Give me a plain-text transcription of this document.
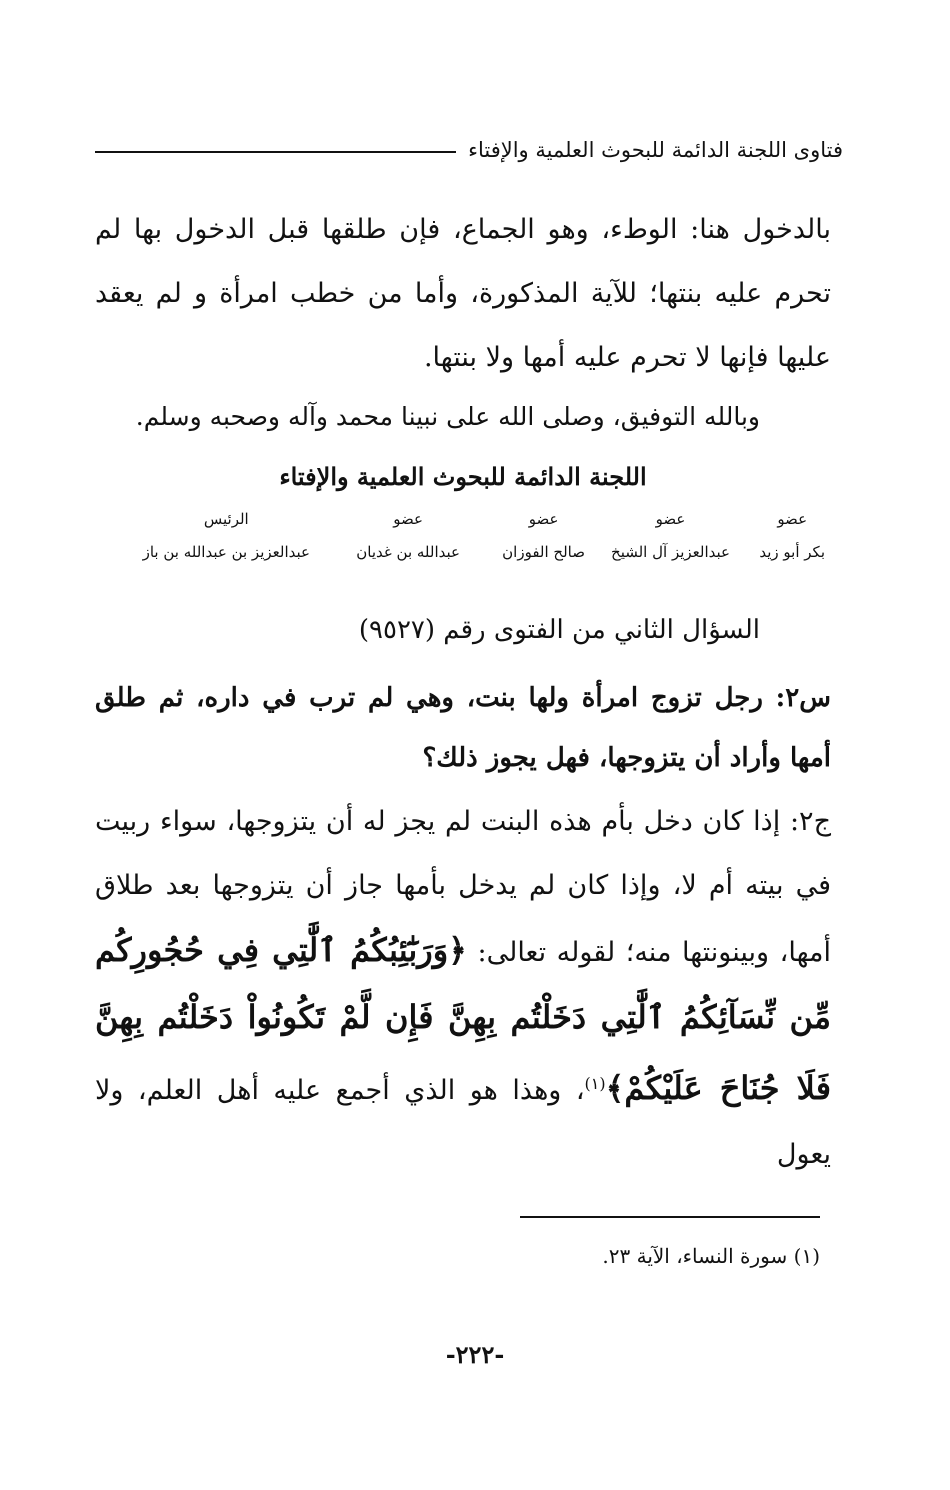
فتاوى اللجنة الدائمة للبحوث العلمية والإفتاء

بالدخول هنا: الوطء، وهو الجماع، فإن طلقها قبل الدخول بها لم تحرم عليه بنتها؛ للآية المذكورة، وأما من خطب امرأة و لم يعقد عليها فإنها لا تحرم عليه أمها ولا بنتها.

وبالله التوفيق، وصلى الله على نبينا محمد وآله وصحبه وسلم.

اللجنة الدائمة للبحوث العلمية والإفتاء
عضو
بكر أبو زيد
عضو
عبدالعزيز آل الشيخ
عضو
صالح الفوزان
عضو
عبدالله بن غديان
الرئيس
عبدالعزيز بن عبدالله بن باز
السؤال الثاني من الفتوى رقم (٩٥٢٧)

س٢: رجل تزوج امرأة ولها بنت، وهي لم ترب في داره، ثم طلق أمها وأراد أن يتزوجها، فهل يجوز ذلك؟

ج٢: إذا كان دخل بأم هذه البنت لم يجز له أن يتزوجها، سواء ربيت في بيته أم لا، وإذا كان لم يدخل بأمها جاز أن يتزوجها بعد طلاق أمها، وبينونتها منه؛ لقوله تعالى: ﴿وَرَبَٰٓئِبُكُمُ ٱلَّٰتِي فِي حُجُورِكُم مِّن نِّسَآئِكُمُ ٱلَّٰتِي دَخَلْتُم بِهِنَّ فَإِن لَّمْ تَكُونُواْ دَخَلْتُم بِهِنَّ فَلَا جُنَاحَ عَلَيْكُمْ﴾$^{(١)}$، وهذا هو الذي أجمع عليه أهل العلم، ولا يعول

(١) سورة النساء، الآية ٢٣.
-٢٢٢-
